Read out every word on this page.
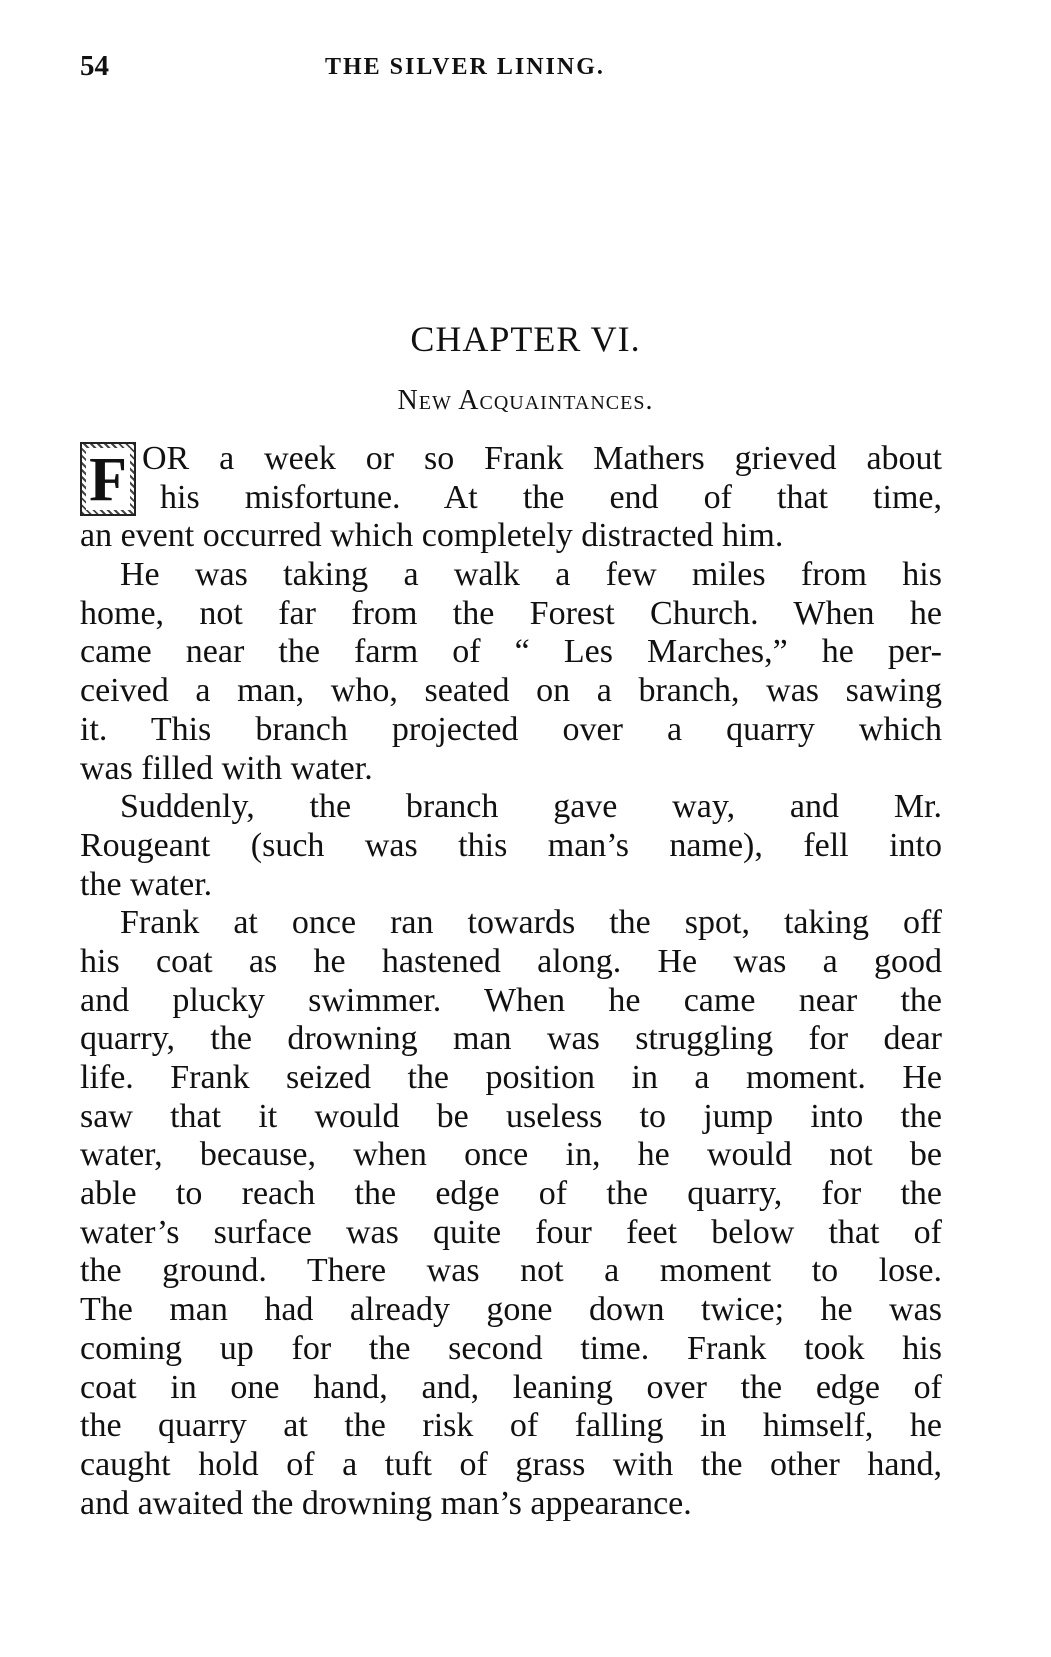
54	THE SILVER LINING.
CHAPTER VI.
New Acquaintances.
F OR a week or so Frank Mathers grieved about
his misfortune. At the end of that time,
an event occurred which completely distracted him.
He was taking a walk a few miles from his
home, not far from the Forest Church. When he
came near the farm of “ Les Marches,” he per-
ceived a man, who, seated on a branch, was sawing
it. This branch projected over a quarry which
was filled with water.
Suddenly, the branch gave way, and Mr.
Rougeant (such was this man’s name), fell into
the water.
Frank at once ran towards the spot, taking off
his coat as he hastened along. He was a good
and plucky swimmer. When he came near the
quarry, the drowning man was struggling for dear
life. Frank seized the position in a moment. He
saw that it would be useless to jump into the
water, because, when once in, he would not be
able to reach the edge of the quarry, for the
water’s surface was quite four feet below that of
the ground. There was not a moment to lose.
The man had already gone down twice; he was
coming up for the second time. Frank took his
coat in one hand, and, leaning over the edge of
the quarry at the risk of falling in himself, he
caught hold of a tuft of grass with the other hand,
and awaited the drowning man’s appearance.
